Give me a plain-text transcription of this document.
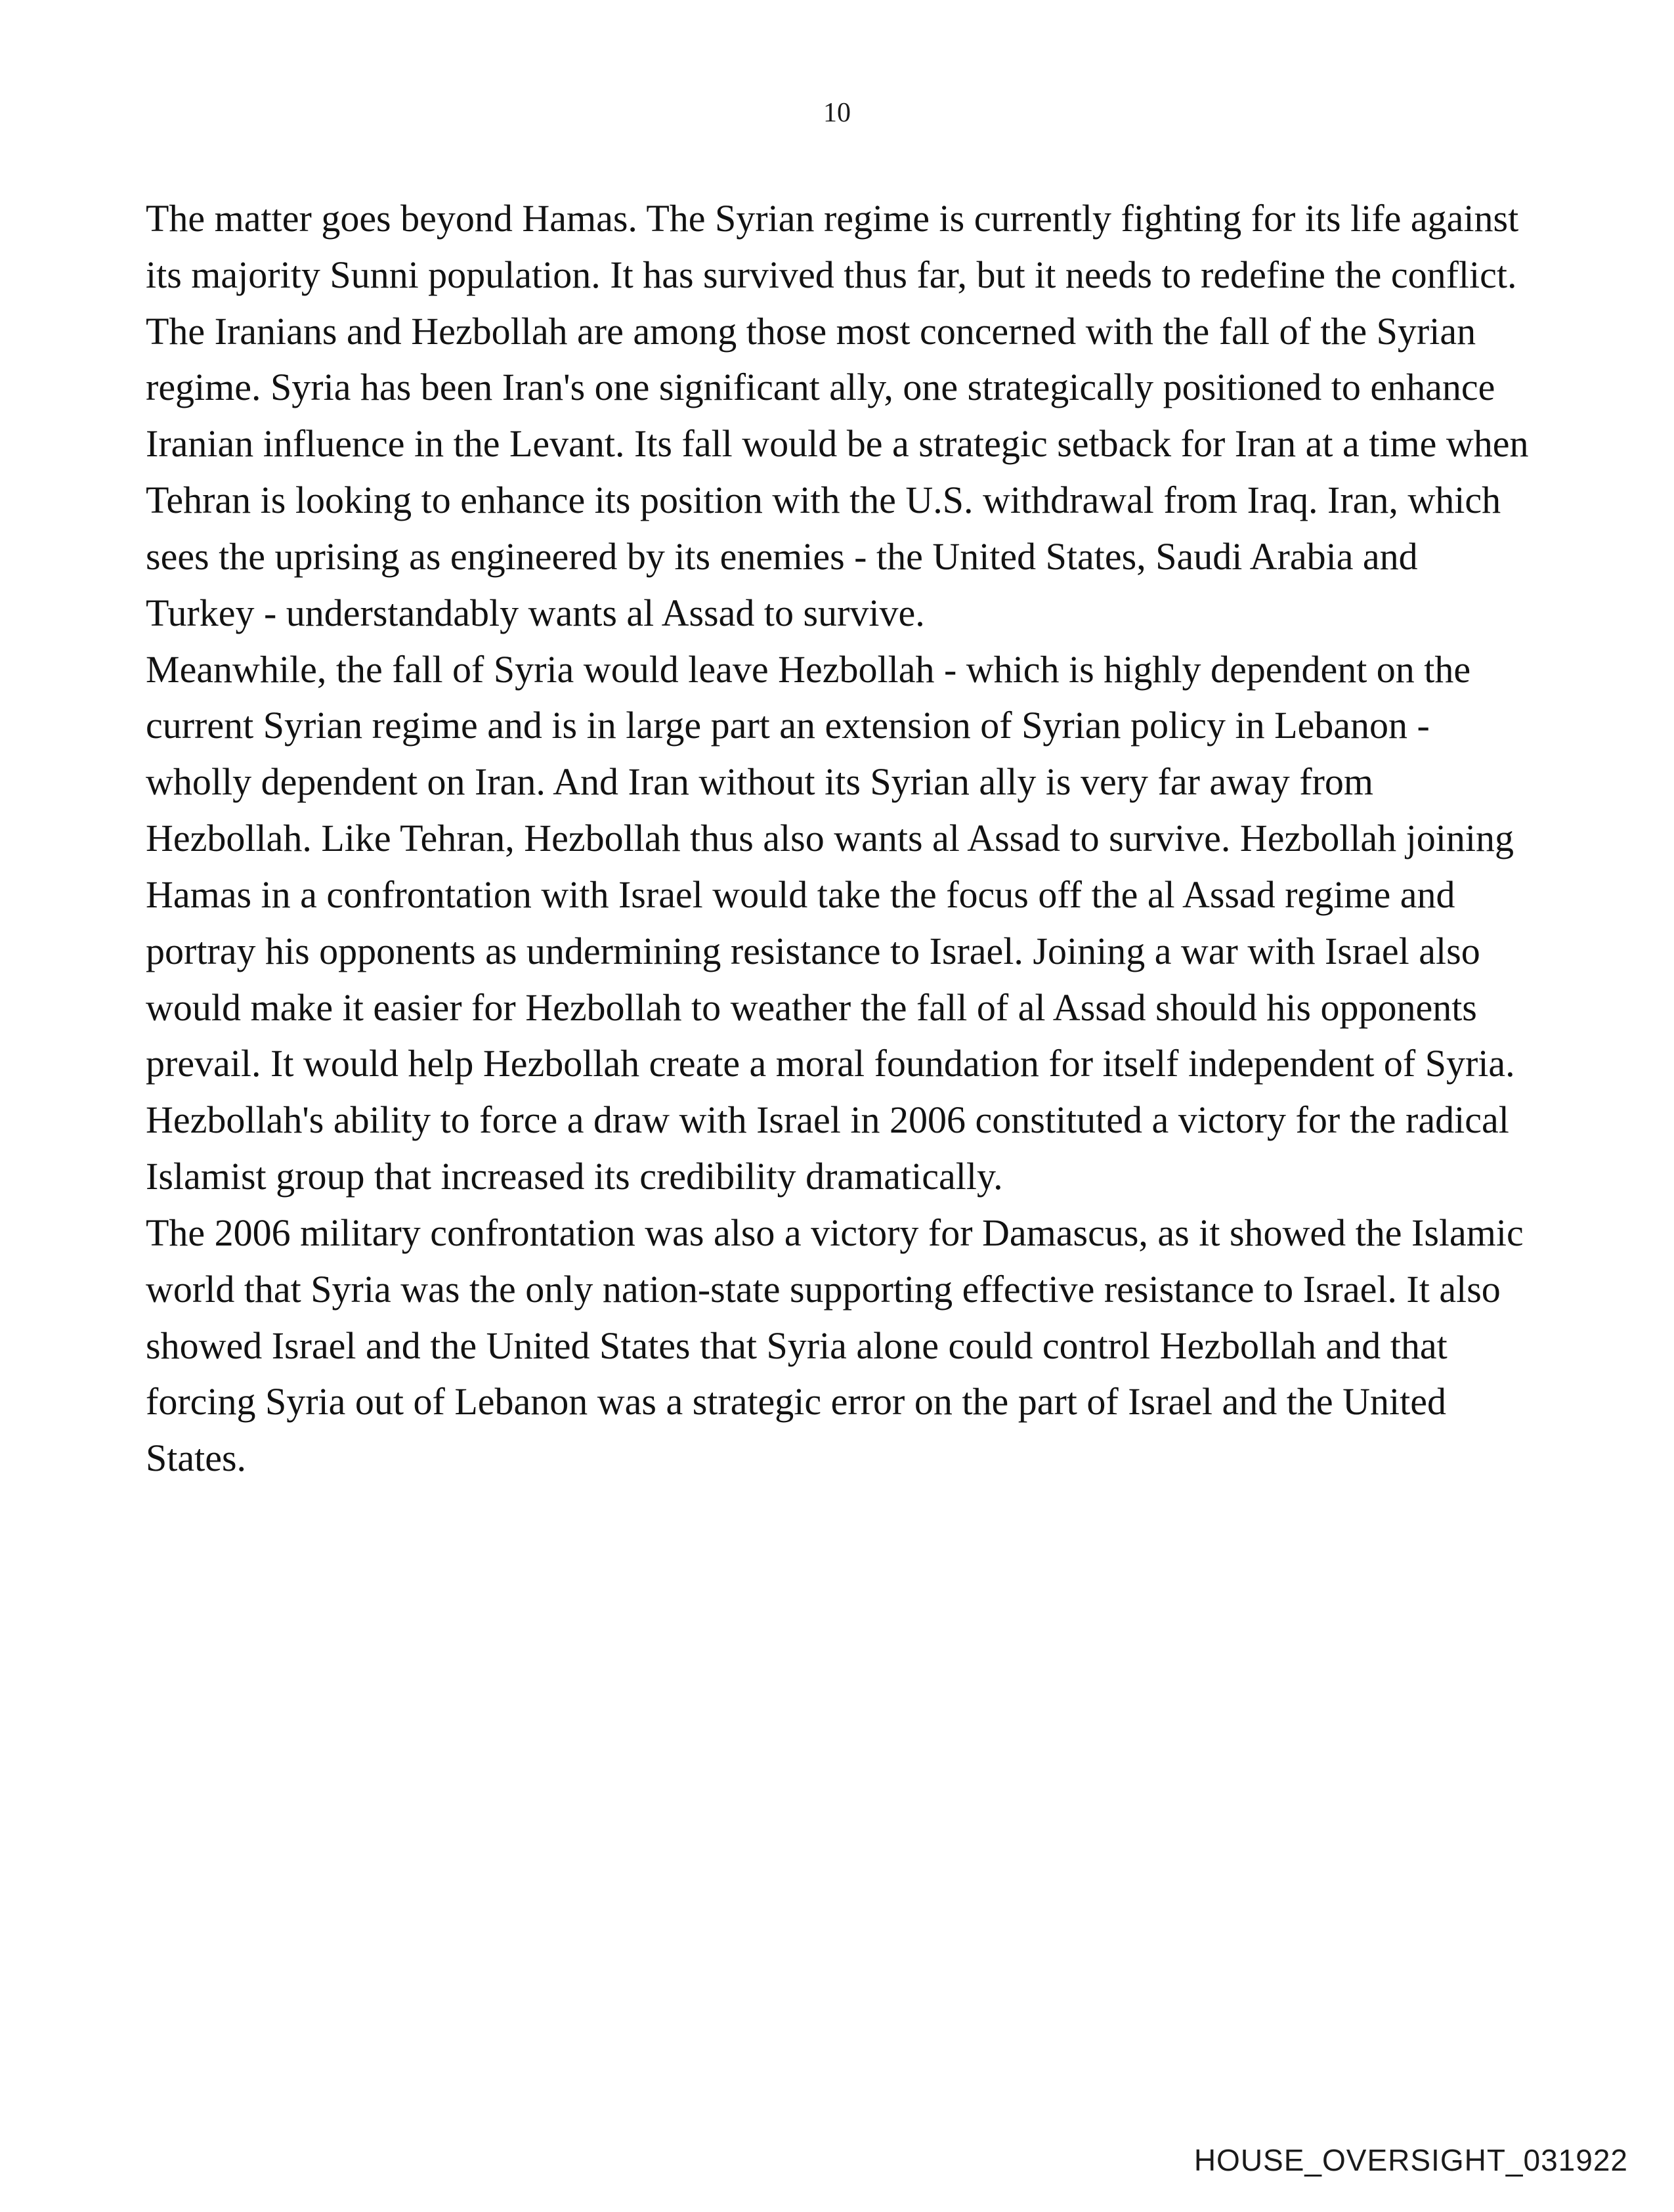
10

The matter goes beyond Hamas. The Syrian regime is currently fighting for its life against its majority Sunni population. It has survived thus far, but it needs to redefine the conflict. The Iranians and Hezbollah are among those most concerned with the fall of the Syrian regime. Syria has been Iran's one significant ally, one strategically positioned to enhance Iranian influence in the Levant. Its fall would be a strategic setback for Iran at a time when Tehran is looking to enhance its position with the U.S. withdrawal from Iraq. Iran, which sees the uprising as engineered by its enemies - the United States, Saudi Arabia and Turkey - understandably wants al Assad to survive.

Meanwhile, the fall of Syria would leave Hezbollah - which is highly dependent on the current Syrian regime and is in large part an extension of Syrian policy in Lebanon - wholly dependent on Iran. And Iran without its Syrian ally is very far away from Hezbollah. Like Tehran, Hezbollah thus also wants al Assad to survive. Hezbollah joining Hamas in a confrontation with Israel would take the focus off the al Assad regime and portray his opponents as undermining resistance to Israel. Joining a war with Israel also would make it easier for Hezbollah to weather the fall of al Assad should his opponents prevail. It would help Hezbollah create a moral foundation for itself independent of Syria. Hezbollah's ability to force a draw with Israel in 2006 constituted a victory for the radical Islamist group that increased its credibility dramatically.

The 2006 military confrontation was also a victory for Damascus, as it showed the Islamic world that Syria was the only nation-state supporting effective resistance to Israel. It also showed Israel and the United States that Syria alone could control Hezbollah and that forcing Syria out of Lebanon was a strategic error on the part of Israel and the United States.

HOUSE_OVERSIGHT_031922
